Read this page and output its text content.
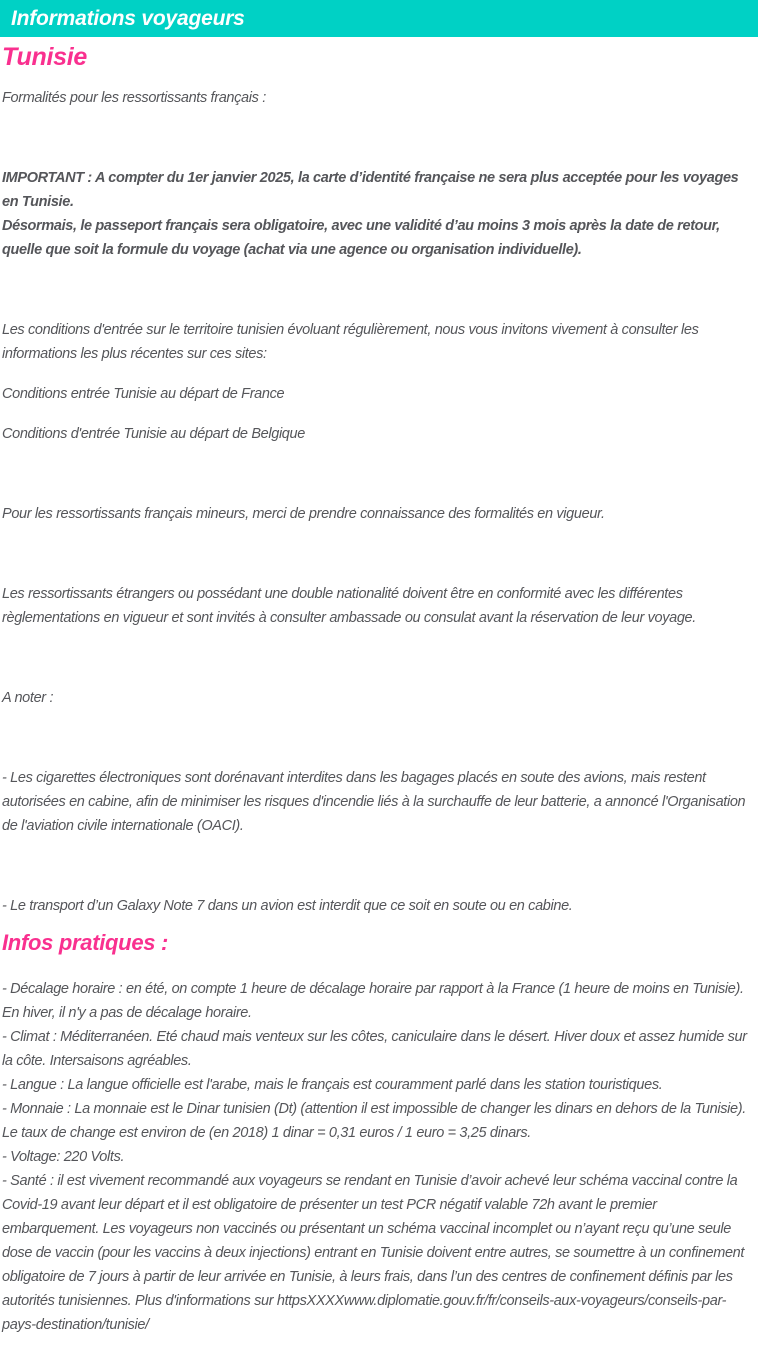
Informations voyageurs
Tunisie

Formalités pour les ressortissants français :

IMPORTANT : A compter du 1er janvier 2025, la carte d’identité française ne sera plus acceptée pour les voyages en Tunisie.

Désormais, le passeport français sera obligatoire, avec une validité d’au moins 3 mois après la date de retour, quelle que soit la formule du voyage (achat via une agence ou organisation individuelle).

Les conditions d'entrée sur le territoire tunisien évoluant régulièrement, nous vous invitons vivement à consulter les informations les plus récentes sur ces sites:

Conditions entrée Tunisie au départ de France

Conditions d'entrée Tunisie au départ de Belgique

Pour les ressortissants français mineurs, merci de prendre connaissance des formalités en vigueur.

Les ressortissants étrangers ou possédant une double nationalité doivent être en conformité avec les différentes règlementations en vigueur et sont invités à consulter ambassade ou consulat avant la réservation de leur voyage.

A noter :

- Les cigarettes électroniques sont dorénavant interdites dans les bagages placés en soute des avions, mais restent autorisées en cabine, afin de minimiser les risques d'incendie liés à la surchauffe de leur batterie, a annoncé l'Organisation de l'aviation civile internationale (OACI).

- Le transport d’un Galaxy Note 7 dans un avion est interdit que ce soit en soute ou en cabine.

Infos pratiques :

- Décalage horaire : en été, on compte 1 heure de décalage horaire par rapport à la France (1 heure de moins en Tunisie). En hiver, il n'y a pas de décalage horaire.

- Climat : Méditerranéen. Eté chaud mais venteux sur les côtes, caniculaire dans le désert. Hiver doux et assez humide sur la côte. Intersaisons agréables.

- Langue : La langue officielle est l'arabe, mais le français est couramment parlé dans les station touristiques.

- Monnaie : La monnaie est le Dinar tunisien (Dt) (attention il est impossible de changer les dinars en dehors de la Tunisie). Le taux de change est environ de (en 2018) 1 dinar = 0,31 euros / 1 euro = 3,25 dinars.

- Voltage: 220 Volts.

- Santé : il est vivement recommandé aux voyageurs se rendant en Tunisie d’avoir achevé leur schéma vaccinal contre la Covid-19 avant leur départ et il est obligatoire de présenter un test PCR négatif valable 72h avant le premier embarquement. Les voyageurs non vaccinés ou présentant un schéma vaccinal incomplet ou n’ayant reçu qu’une seule dose de vaccin (pour les vaccins à deux injections) entrant en Tunisie doivent entre autres, se soumettre à un confinement obligatoire de 7 jours à partir de leur arrivée en Tunisie, à leurs frais, dans l’un des centres de confinement définis par les autorités tunisiennes. Plus d'informations sur httpsXXXXwww.diplomatie.gouv.fr/fr/conseils-aux-voyageurs/conseils-par-pays-destination/tunisie/
